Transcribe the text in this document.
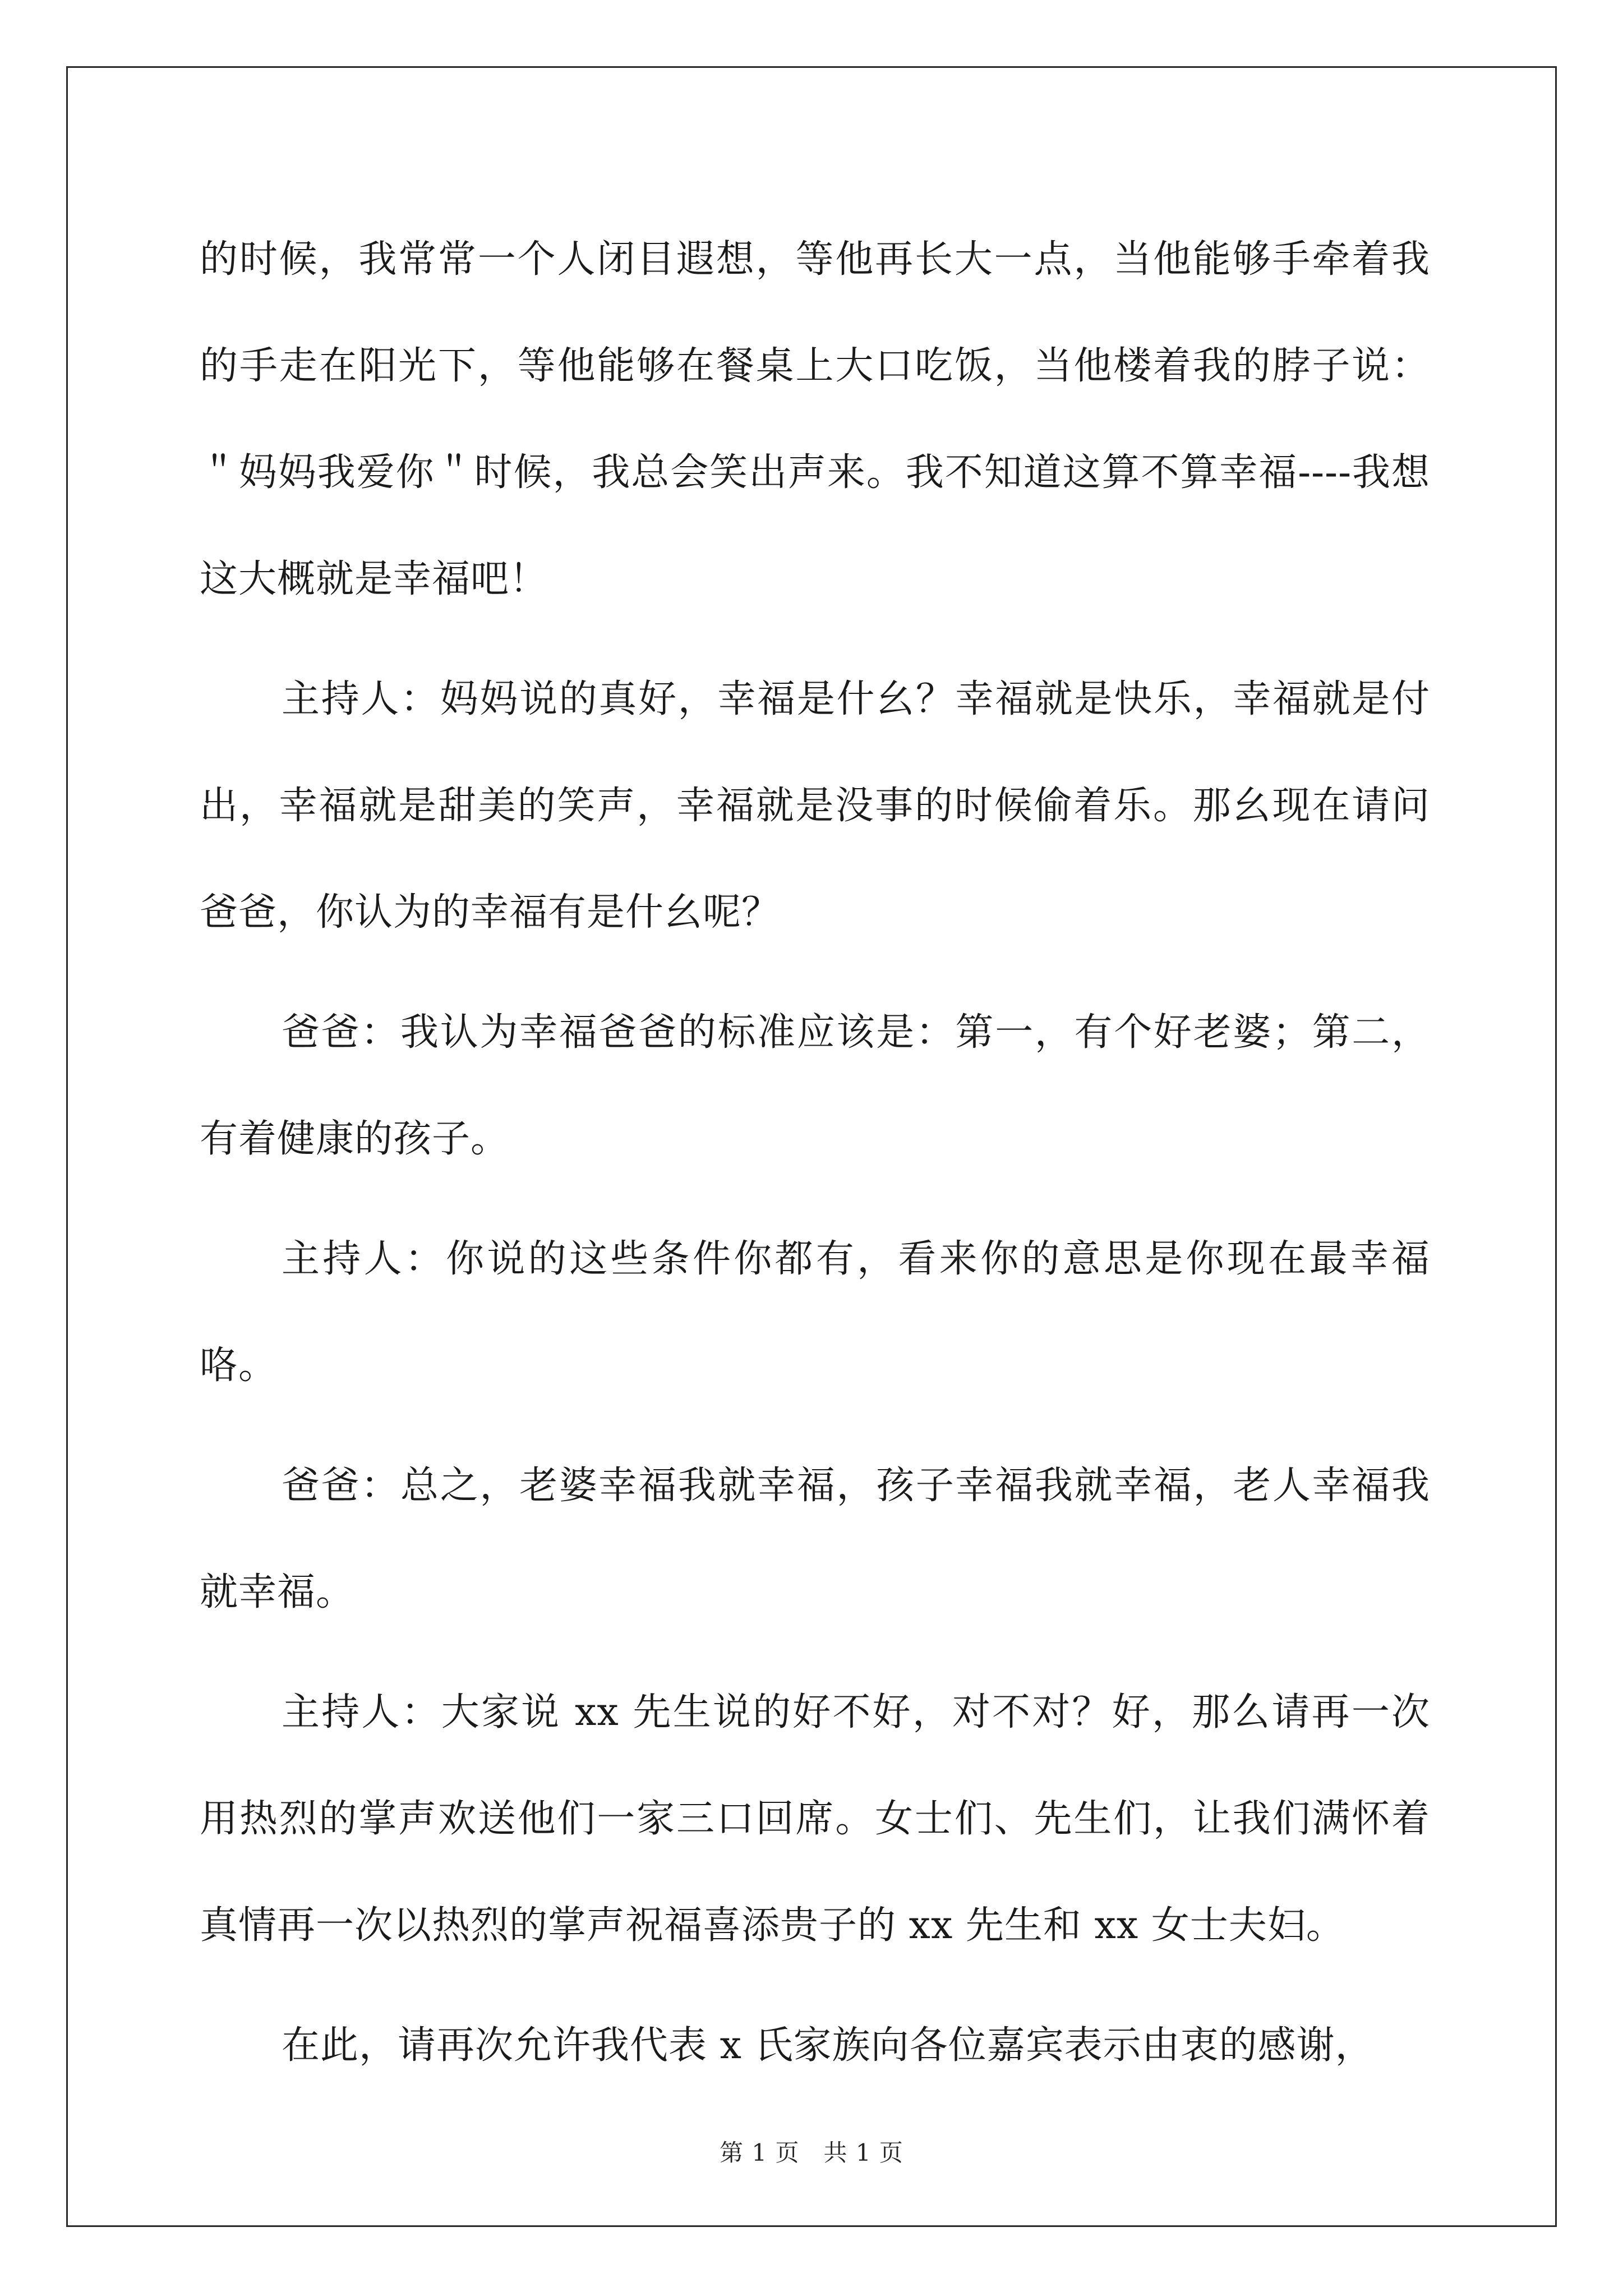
的时候，我常常一个人闭目遐想，等他再长大一点，当他能够手牵着我的手走在阳光下，等他能够在餐桌上大口吃饭，当他楼着我的脖子说：＂妈妈我爱你＂时候，我总会笑出声来。我不知道这算不算幸福----我想这大概就是幸福吧！

主持人：妈妈说的真好，幸福是什幺？幸福就是快乐，幸福就是付出，幸福就是甜美的笑声，幸福就是没事的时候偷着乐。那幺现在请问爸爸，你认为的幸福有是什幺呢？

爸爸：我认为幸福爸爸的标准应该是：第一，有个好老婆；第二，有着健康的孩子。

主持人：你说的这些条件你都有，看来你的意思是你现在最幸福咯。

爸爸：总之，老婆幸福我就幸福，孩子幸福我就幸福，老人幸福我就幸福。

主持人：大家说 xx 先生说的好不好，对不对？好，那么请再一次用热烈的掌声欢送他们一家三口回席。女士们、先生们，让我们满怀着真情再一次以热烈的掌声祝福喜添贵子的 xx 先生和 xx 女士夫妇。

在此，请再次允许我代表 x 氏家族向各位嘉宾表示由衷的感谢，

第 1 页　共 1 页
